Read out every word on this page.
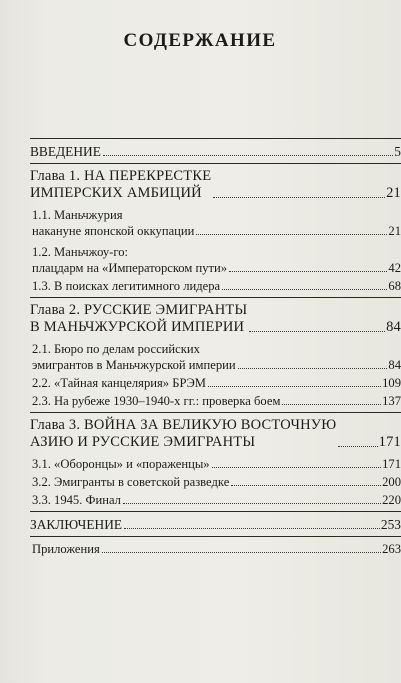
СОДЕРЖАНИЕ
ВВЕДЕНИЕ	5
Глава 1. НА ПЕРЕКРЕСТКЕ
ИМПЕРСКИХ АМБИЦИЙ	21
1.1. Маньчжурия
накануне японской оккупации	21
1.2. Маньчжоу-го:
плацдарм на «Императорском пути»	42
1.3. В поисках легитимного лидера	68
Глава 2. РУССКИЕ ЭМИГРАНТЫ
В МАНЬЧЖУРСКОЙ ИМПЕРИИ	84
2.1. Бюро по делам российских
эмигрантов в Маньчжурской империи	84
2.2. «Тайная канцелярия» БРЭМ	109
2.3. На рубеже 1930–1940-х гг.: проверка боем	137
Глава 3. ВОЙНА ЗА ВЕЛИКУЮ ВОСТОЧНУЮ
АЗИЮ И РУССКИЕ ЭМИГРАНТЫ	171
3.1. «Оборонцы» и «пораженцы»	171
3.2. Эмигранты в советской разведке	200
3.3. 1945. Финал	220
ЗАКЛЮЧЕНИЕ	253
Приложения	263
